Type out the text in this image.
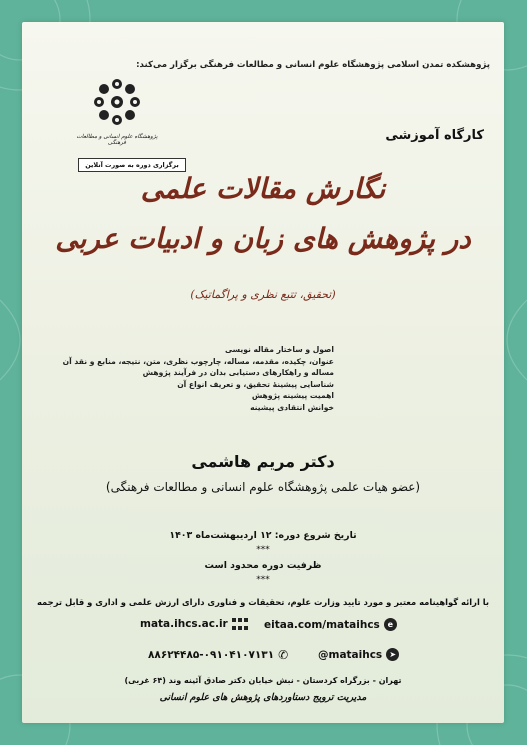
پژوهشکده تمدن اسلامی پژوهشگاه علوم انسانی و مطالعات فرهنگی برگزار می‌کند:
پژوهشگاه علوم انسانی و مطالعات فرهنگی
برگزاری دوره به صورت آنلاین
کارگاه آموزشی
نگارش مقالات علمی
در پژوهش های زبان و ادبیات عربی
(تحقیق، تتبع نظری و پراگماتیک)
اصول و ساختار مقاله نویسی
عنوان، چکیده، مقدمه، مساله، چارچوب نظری، متن، نتیجه، منابع و نقد آن
مساله و راهکارهای دستیابی بدان در فرآیند پژوهش
شناسایی پیشینهٔ تحقیق، و تعریف انواع آن
اهمیت پیشینه پژوهش
خوانش انتقادی پیشینه
دکتر مریم هاشمی
(عضو هیات علمی پژوهشگاه علوم انسانی و مطالعات فرهنگی)
تاریخ شروع دوره: ۱۲ اردیبهشت‌ماه ۱۴۰۳
***
ظرفیت دوره محدود است
***
با ارائه گواهینامه معتبر و مورد تایید وزارت علوم، تحقیقات و فناوری دارای ارزش علمی و اداری و قابل ترجمه
mata.ihcs.ac.ir	eitaa.com/mataihcs e
۸۸۶۲۴۴۸۵-۰۹۱۰۴۱۰۷۱۳۱ ✆	@mataihcs ➤
تهران - بزرگراه کردستان - نبش خیابان دکتر صادق آئینه وند (۶۴ غربی)
مدیریت ترویج دستاوردهای پژوهش های علوم انسانی
